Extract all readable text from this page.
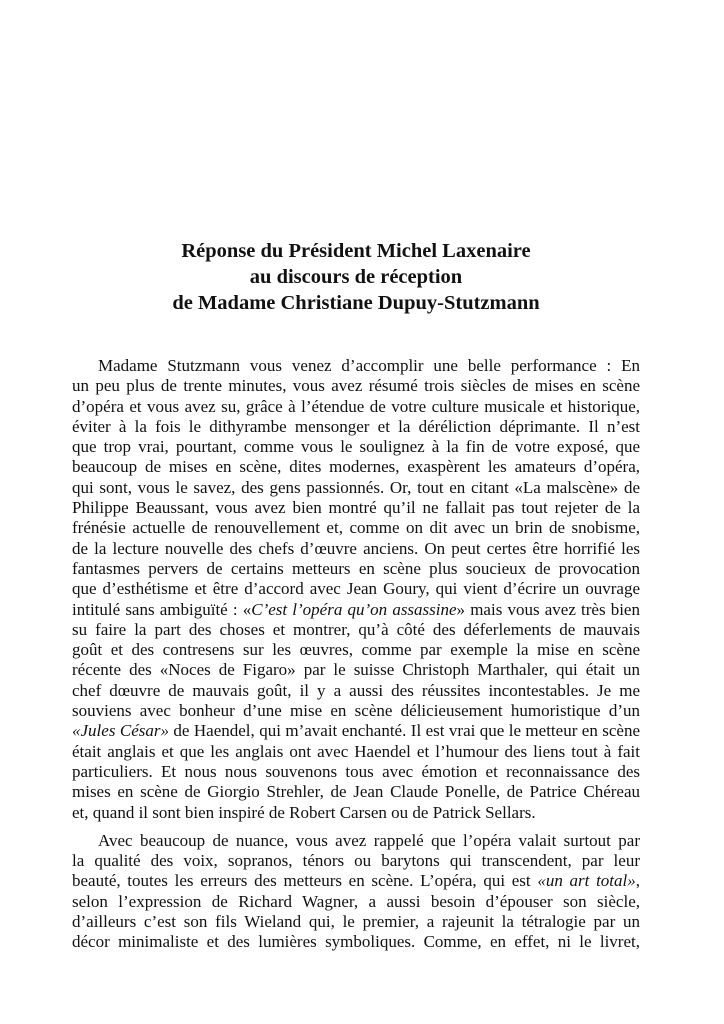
Réponse du Président Michel Laxenaire
au discours de réception
de Madame Christiane Dupuy-Stutzmann
Madame Stutzmann vous venez d’accomplir une belle performance : En
un peu plus de trente minutes, vous avez résumé trois siècles de mises en scène
d’opéra et vous avez su, grâce à l’étendue de votre culture musicale et historique,
éviter à la fois le dithyrambe mensonger et la déréliction déprimante. Il n’est
que trop vrai, pourtant, comme vous le soulignez à la fin de votre exposé, que
beaucoup de mises en scène, dites modernes, exaspèrent les amateurs d’opéra,
qui sont, vous le savez, des gens passionnés. Or, tout en citant «La malscène» de
Philippe Beaussant, vous avez bien montré qu’il ne fallait pas tout rejeter de la
frénésie actuelle de renouvellement et, comme on dit avec un brin de snobisme,
de la lecture nouvelle des chefs d’œuvre anciens. On peut certes être horrifié les
fantasmes pervers de certains metteurs en scène plus soucieux de provocation
que d’esthétisme et être d’accord avec Jean Goury, qui vient d’écrire un ouvrage
intitulé sans ambiguïté : «C’est l’opéra qu’on assassine» mais vous avez très bien
su faire la part des choses et montrer, qu’à côté des déferlements de mauvais
goût et des contresens sur les œuvres, comme par exemple la mise en scène
récente des «Noces de Figaro» par le suisse Christoph Marthaler, qui était un
chef dœuvre de mauvais goût, il y a aussi des réussites incontestables. Je me
souviens avec bonheur d’une mise en scène délicieusement humoristique d’un
«Jules César» de Haendel, qui m’avait enchanté. Il est vrai que le metteur en scène
était anglais et que les anglais ont avec Haendel et l’humour des liens tout à fait
particuliers. Et nous nous souvenons tous avec émotion et reconnaissance des
mises en scène de Giorgio Strehler, de Jean Claude Ponelle, de Patrice Chéreau
et, quand il sont bien inspiré de Robert Carsen ou de Patrick Sellars.
Avec beaucoup de nuance, vous avez rappelé que l’opéra valait surtout par
la qualité des voix, sopranos, ténors ou barytons qui transcendent, par leur
beauté, toutes les erreurs des metteurs en scène. L’opéra, qui est «un art total»,
selon l’expression de Richard Wagner, a aussi besoin d’épouser son siècle,
d’ailleurs c’est son fils Wieland qui, le premier, a rajeunit la tétralogie par un
décor minimaliste et des lumières symboliques. Comme, en effet, ni le livret,
